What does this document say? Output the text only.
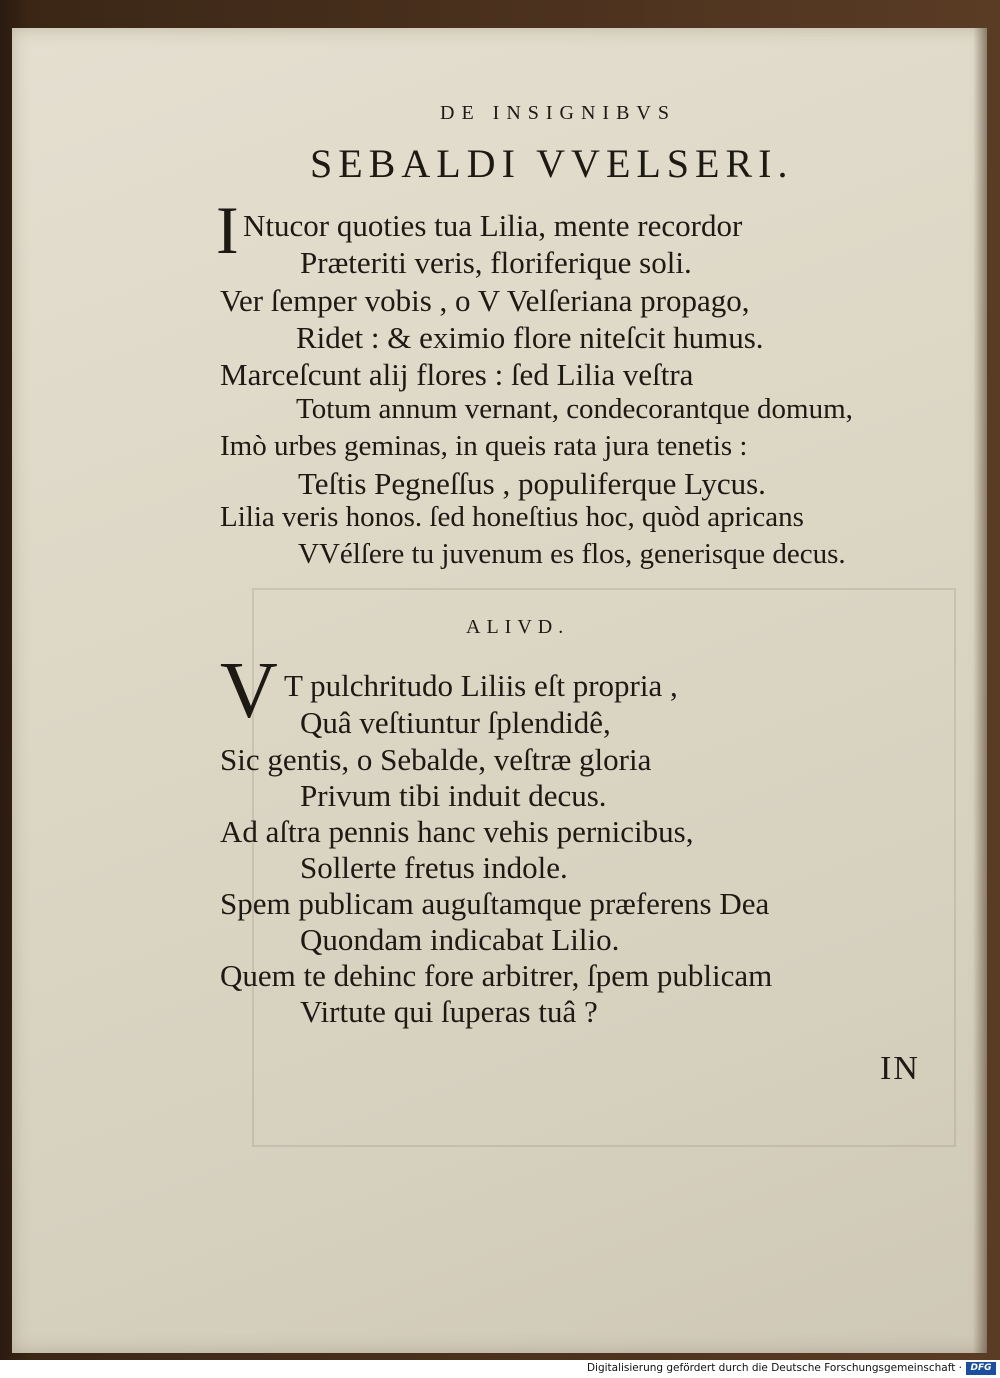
DE INSIGNIBVS
SEBALDI VVELSERI.
I Ntucor quoties tua Lilia, mente recordor
Præteriti veris, floriferique soli.
Ver ſemper vobis , o V Velſeriana propago,
Ridet : & eximio flore niteſcit humus.
Marceſcunt alij flores : ſed Lilia veſtra
Totum annum vernant, condecorantque domum,
Imò urbes geminas, in queis rata jura tenetis :
Teſtis Pegneſſus , populiferque Lycus.
Lilia veris honos. ſed honeſtius hoc, quòd apricans
VVélſere tu juvenum es flos, generisque decus.
ALIVD.
V T pulchritudo Liliis eſt propria ,
Quâ veſtiuntur ſplendidê,
Sic gentis, o Sebalde, veſtræ gloria
Privum tibi induit decus.
Ad aſtra pennis hanc vehis pernicibus,
Sollerte fretus indole.
Spem publicam auguſtamque præferens Dea
Quondam indicabat Lilio.
Quem te dehinc fore arbitrer, ſpem publicam
Virtute qui ſuperas tuâ ?
IN
Digitalisierung gefördert durch die Deutsche Forschungsgemeinschaft · DFG
